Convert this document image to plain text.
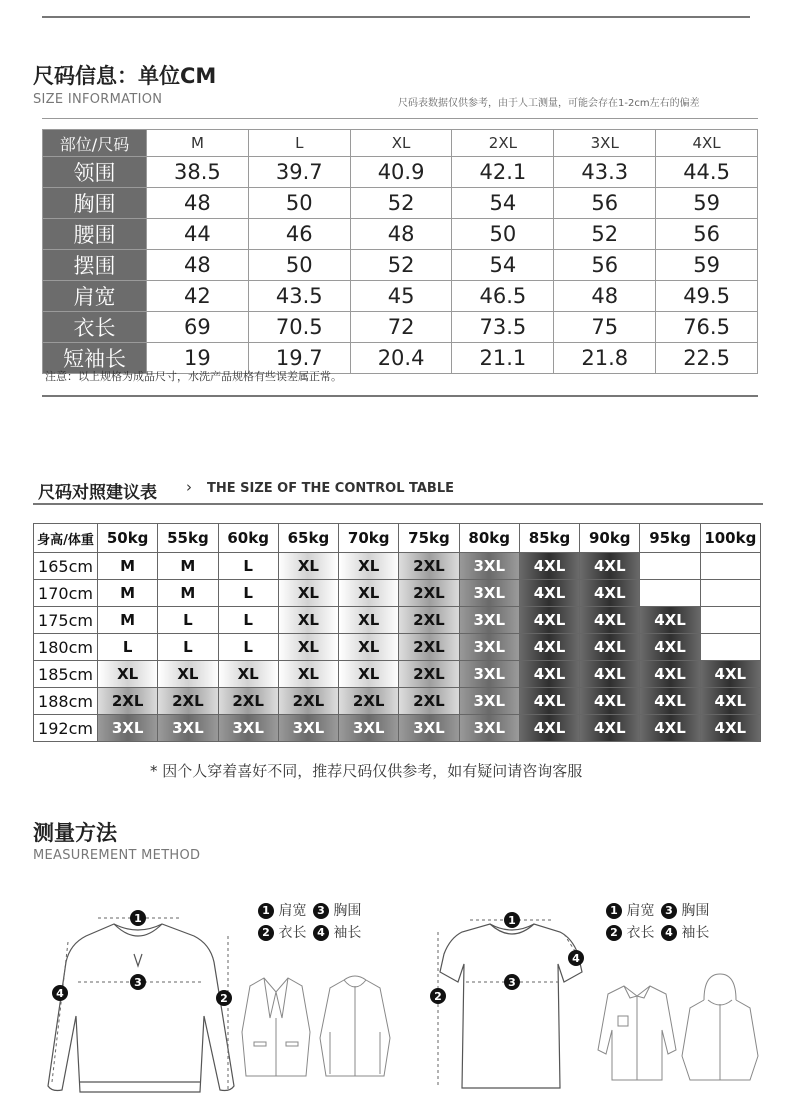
尺码信息：单位CM
SIZE INFORMATION	尺码表数据仅供参考，由于人工测量，可能会存在1-2cm左右的偏差
部位/尺码	M	L	XL	2XL	3XL	4XL
领围	38.5	39.7	40.9	42.1	43.3	44.5
胸围	48	50	52	54	56	59
腰围	44	46	48	50	52	56
摆围	48	50	52	54	56	59
肩宽	42	43.5	45	46.5	48	49.5
衣长	69	70.5	72	73.5	75	76.5
短袖长	19	19.7	20.4	21.1	21.8	22.5
注意：以上规格为成品尺寸，水洗产品规格有些误差属正常。
尺码对照建议表 › THE SIZE OF THE CONTROL TABLE
身高/体重	50kg	55kg	60kg	65kg	70kg	75kg	80kg	85kg	90kg	95kg	100kg
165cm	M	M	L	XL	XL	2XL	3XL	4XL	4XL		
170cm	M	M	L	XL	XL	2XL	3XL	4XL	4XL		
175cm	M	L	L	XL	XL	2XL	3XL	4XL	4XL	4XL	
180cm	L	L	L	XL	XL	2XL	3XL	4XL	4XL	4XL	
185cm	XL	XL	XL	XL	XL	2XL	3XL	4XL	4XL	4XL	4XL
188cm	2XL	2XL	2XL	2XL	2XL	2XL	3XL	4XL	4XL	4XL	4XL
192cm	3XL	3XL	3XL	3XL	3XL	3XL	3XL	4XL	4XL	4XL	4XL
* 因个人穿着喜好不同，推荐尺码仅供参考，如有疑问请咨询客服
测量方法
MEASUREMENT METHOD
1
3
2
4
1 肩宽 3 胸围
2 衣长 4 袖长
1
3
2
4
1 肩宽 3 胸围
2 衣长 4 袖长
